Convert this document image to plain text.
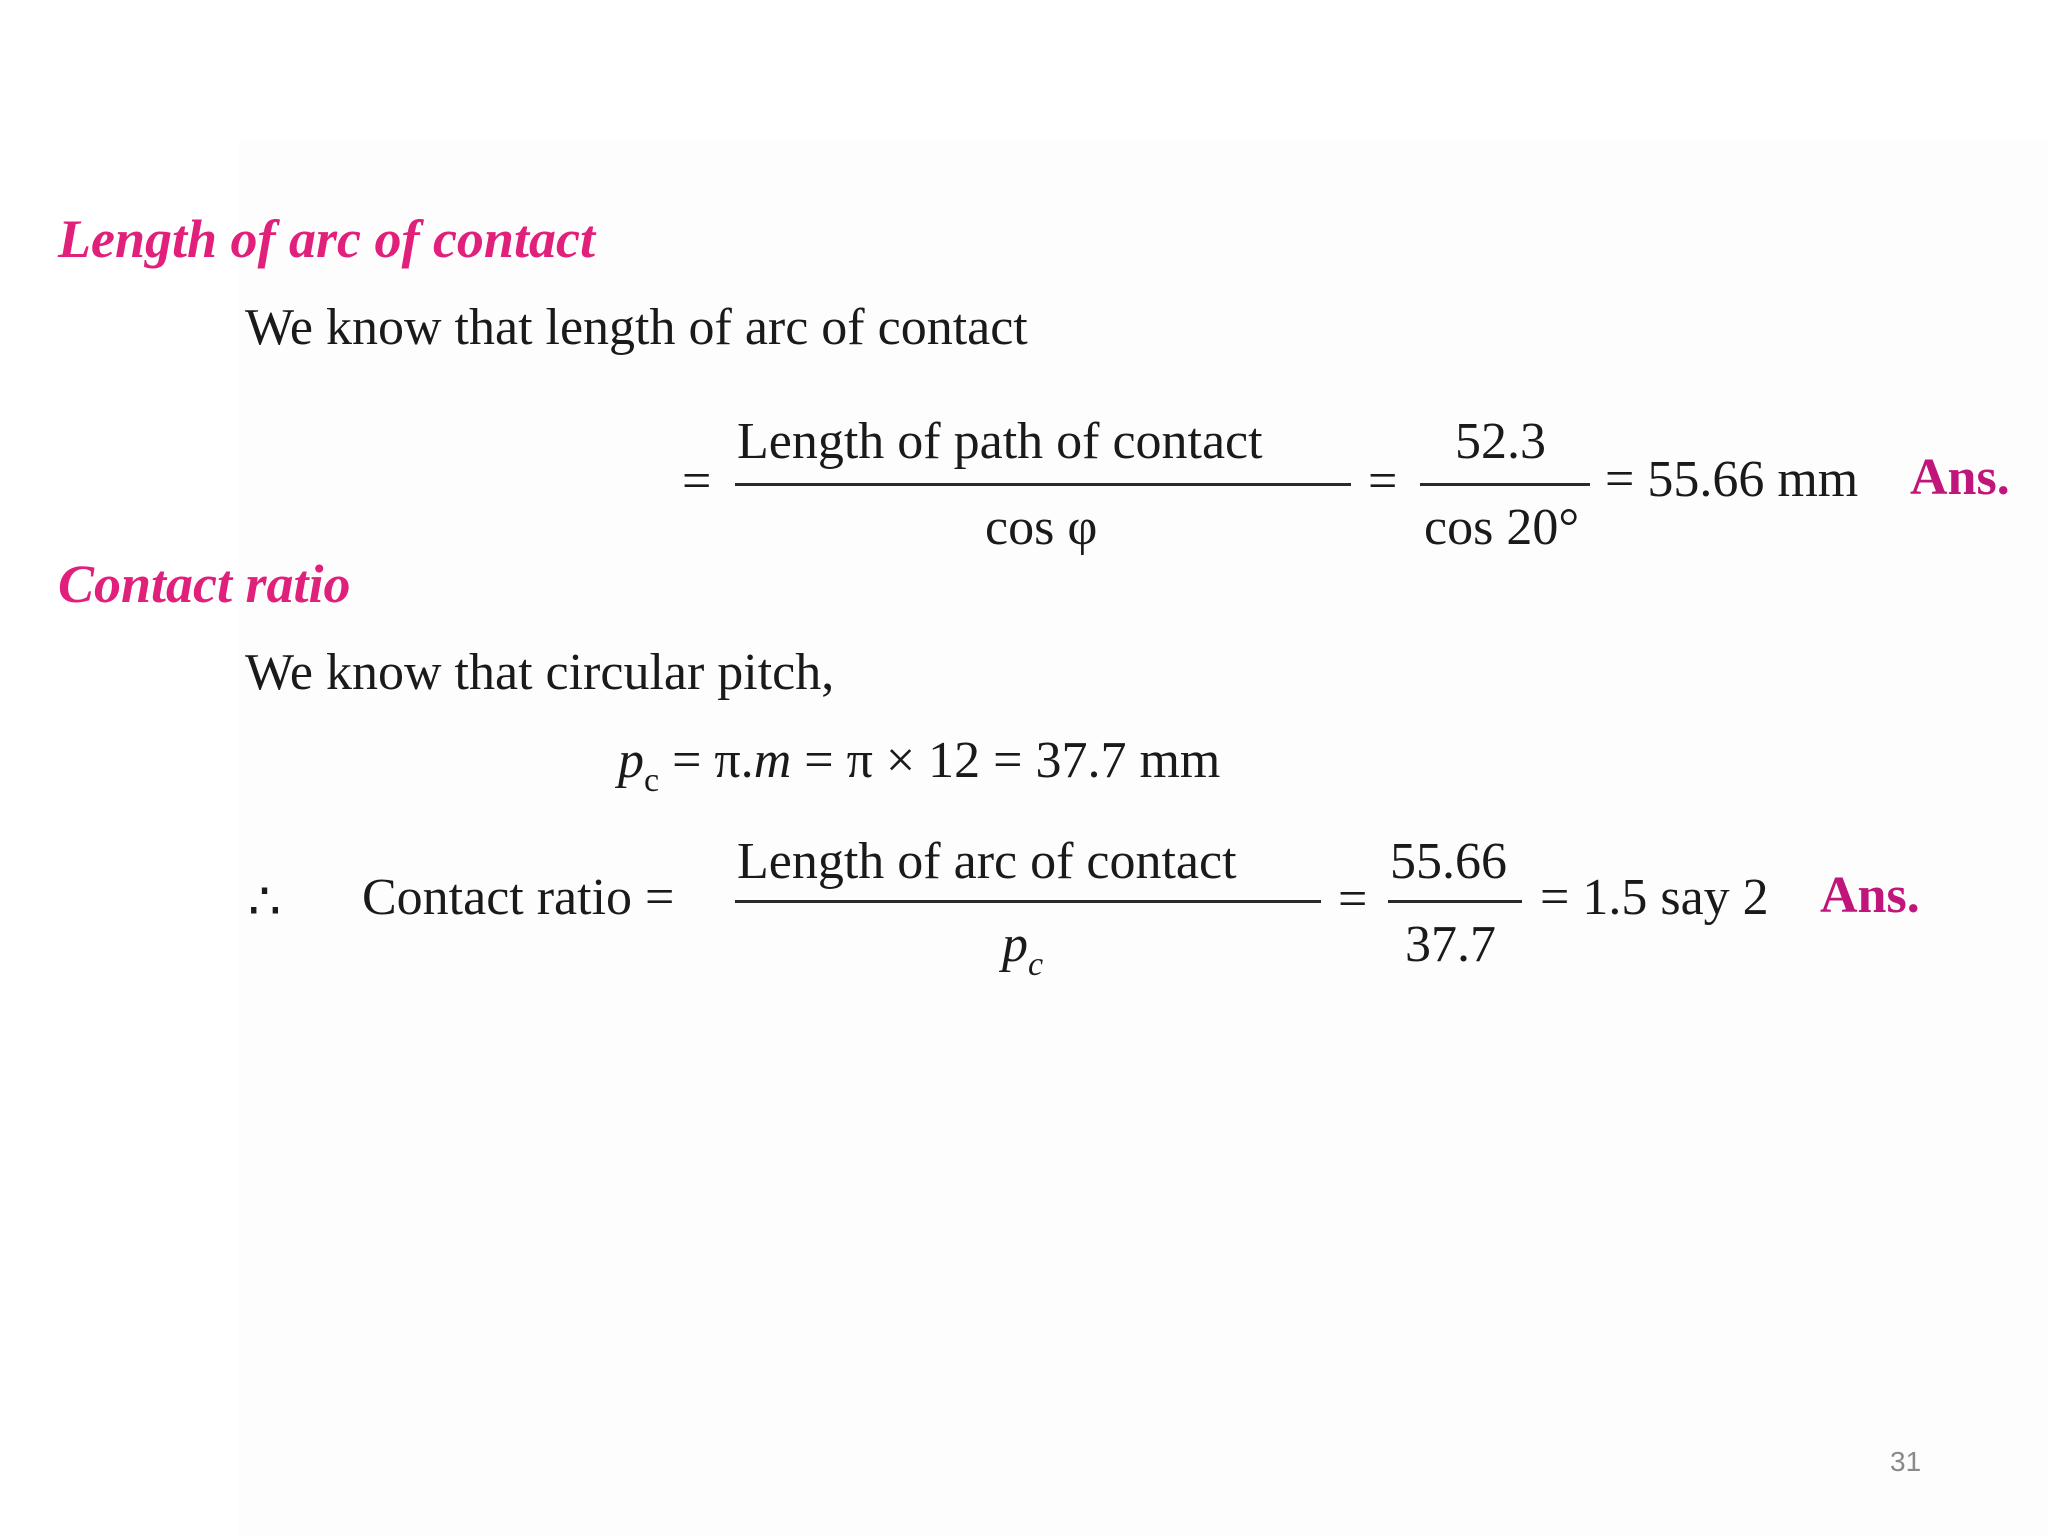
Length of arc of contact
We know that length of arc of contact
=
Length of path of contact
cos φ
=
52.3
cos 20°
= 55.66 mm Ans.
Contact ratio
We know that circular pitch,
$p_c = \pi.m = \pi \times 12 = 37.7$ mm
∴ Contact ratio =
Length of arc of contact
$p_c$
=
55.66
37.7
= 1.5 say 2 Ans.
31
